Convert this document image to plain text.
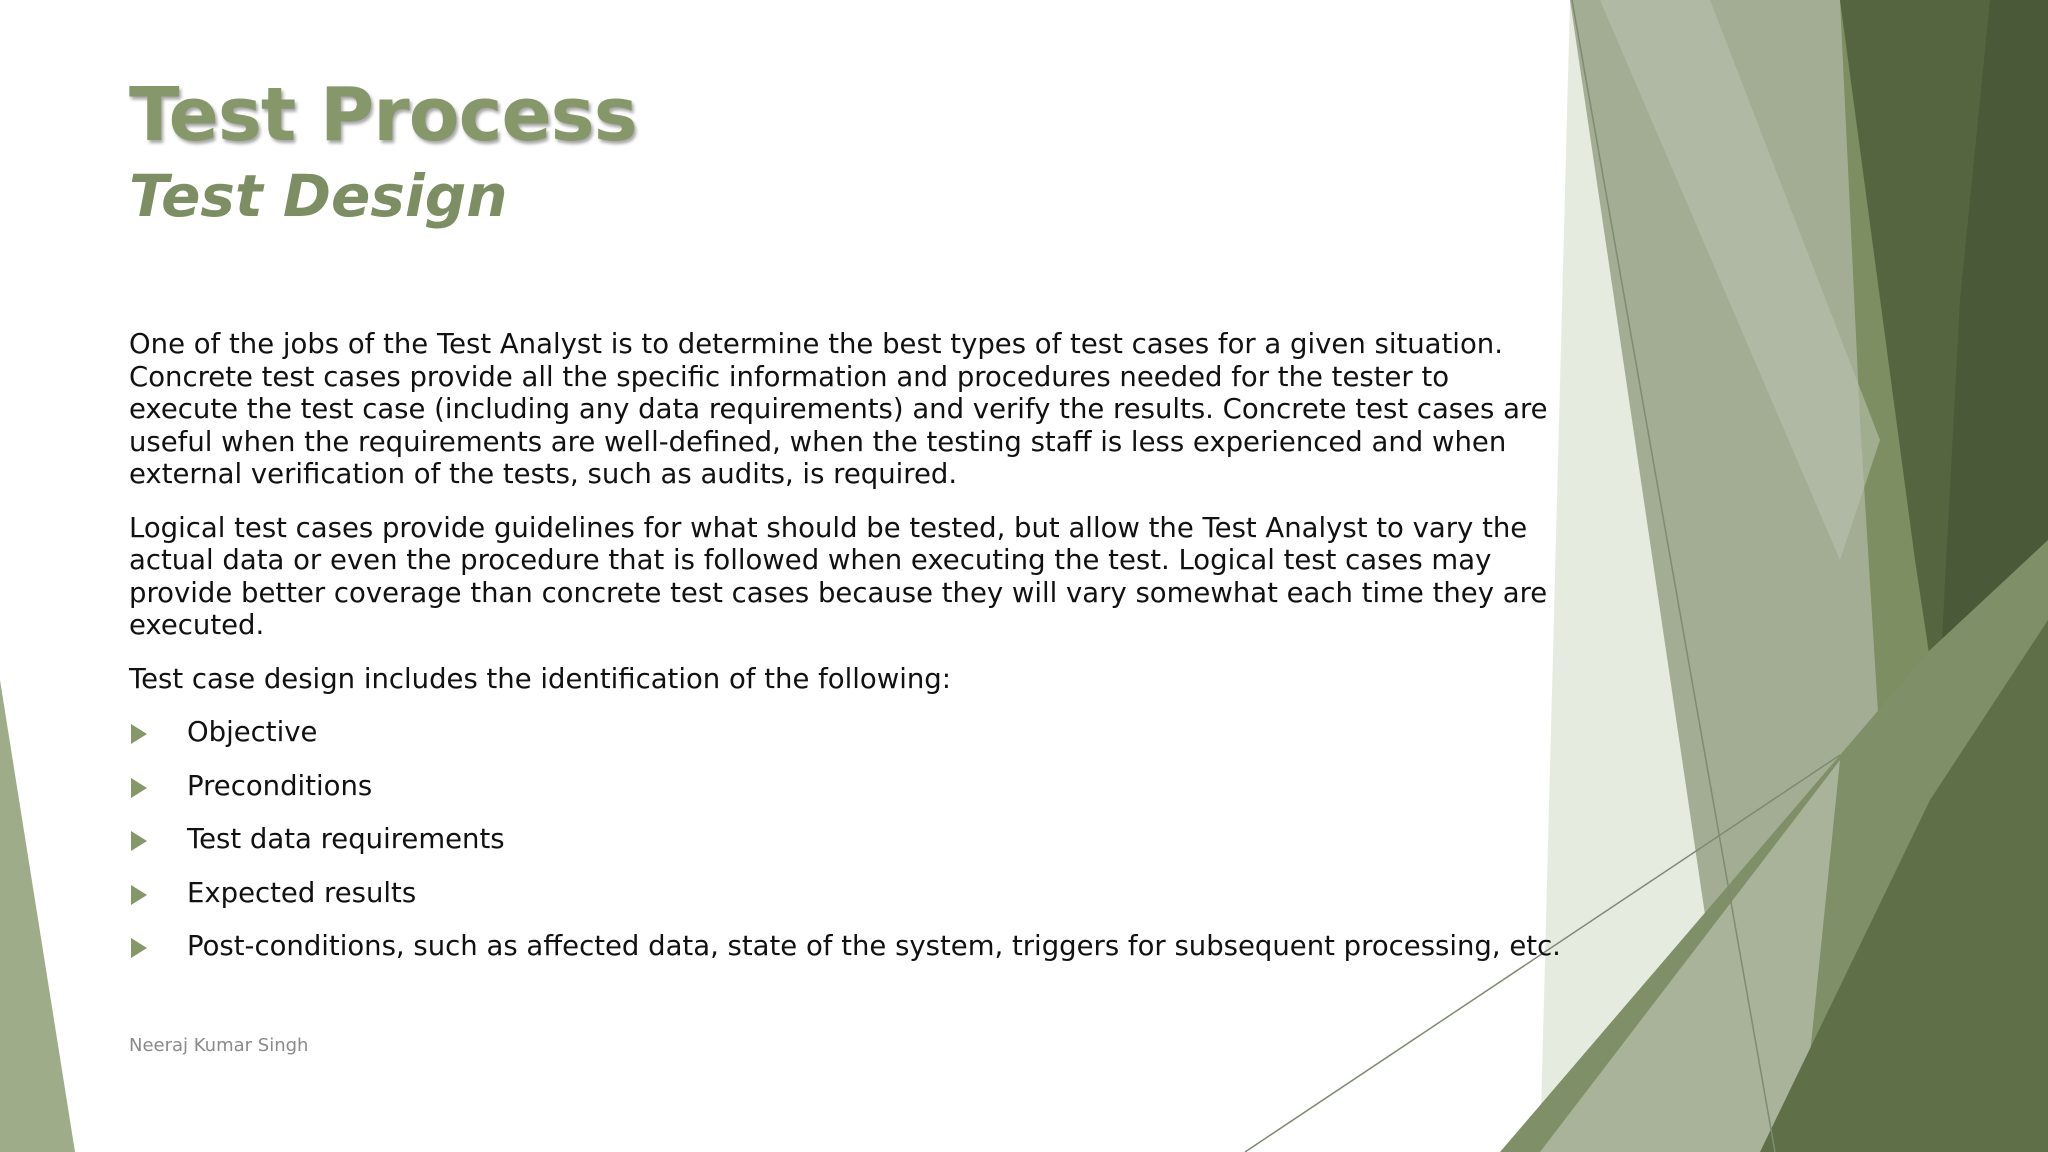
Test Process
Test Design

One of the jobs of the Test Analyst is to determine the best types of test cases for a given situation. Concrete test cases provide all the specific information and procedures needed for the tester to execute the test case (including any data requirements) and verify the results. Concrete test cases are useful when the requirements are well-defined, when the testing staff is less experienced and when external verification of the tests, such as audits, is required.

Logical test cases provide guidelines for what should be tested, but allow the Test Analyst to vary the actual data or even the procedure that is followed when executing the test. Logical test cases may provide better coverage than concrete test cases because they will vary somewhat each time they are executed.

Test case design includes the identification of the following:

Objective
Preconditions
Test data requirements
Expected results
Post-conditions, such as affected data, state of the system, triggers for subsequent processing, etc.
Neeraj Kumar Singh
